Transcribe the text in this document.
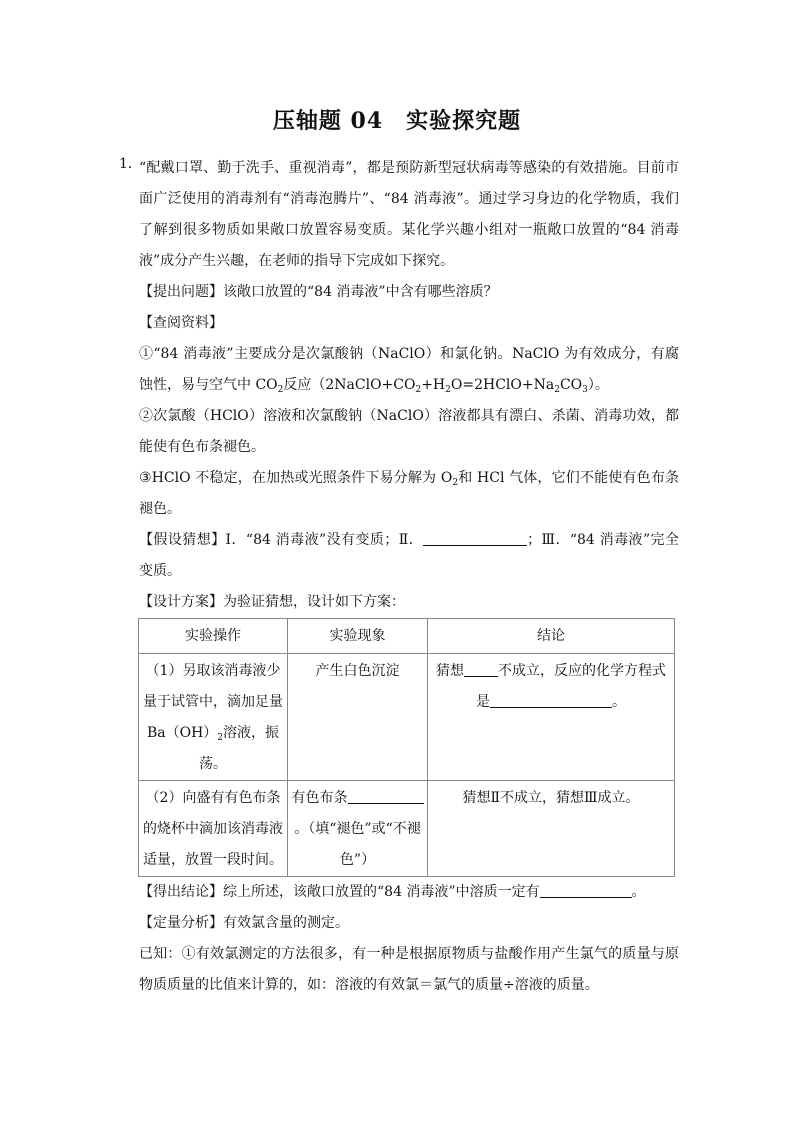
压轴题 04　实验探究题
1．

“配戴口罩、勤于洗手、重视消毒”，都是预防新型冠状病毒等感染的有效措施。目前市面广泛使用的消毒剂有“消毒泡腾片”、“84 消毒液”。通过学习身边的化学物质，我们了解到很多物质如果敞口放置容易变质。某化学兴趣小组对一瓶敞口放置的“84 消毒液”成分产生兴趣，在老师的指导下完成如下探究。

【提出问题】该敞口放置的“84 消毒液”中含有哪些溶质？

【查阅资料】

①“84 消毒液”主要成分是次氯酸钠（NaClO）和氯化钠。NaClO 为有效成分，有腐蚀性，易与空气中 $CO_2$反应$(2NaClO+CO_2+H_2O=2HClO+Na_2CO_3)$。

②次氯酸（HClO）溶液和次氯酸钠（NaClO）溶液都具有漂白、杀菌、消毒功效，都能使有色布条褪色。

③HClO 不稳定，在加热或光照条件下易分解为 $O_2$和 HCl 气体，它们不能使有色布条褪色。

【假设猜想】Ⅰ．“84 消毒液”没有变质；Ⅱ．	；Ⅲ．“84 消毒液”完全变质。

【设计方案】为验证猜想，设计如下方案：

实验操作	实验现象	结论
（1）另取该消毒液少量于试管中，滴加足量 $Ba(OH)_2$溶液，振荡。	产生白色沉淀	猜想 不成立，反应的化学方程式是 。
（2）向盛有有色布条的烧杯中滴加该消毒液适量，放置一段时间。	有色布条。（填“褪色”或“不褪色”）	猜想Ⅱ不成立，猜想Ⅲ成立。

【得出结论】综上所述，该敞口放置的“84 消毒液”中溶质一定有	。

【定量分析】有效氯含量的测定。

已知：①有效氯测定的方法很多，有一种是根据原物质与盐酸作用产生氯气的质量与原物质质量的比值来计算的，如：溶液的有效氯＝氯气的质量÷溶液的质量。
